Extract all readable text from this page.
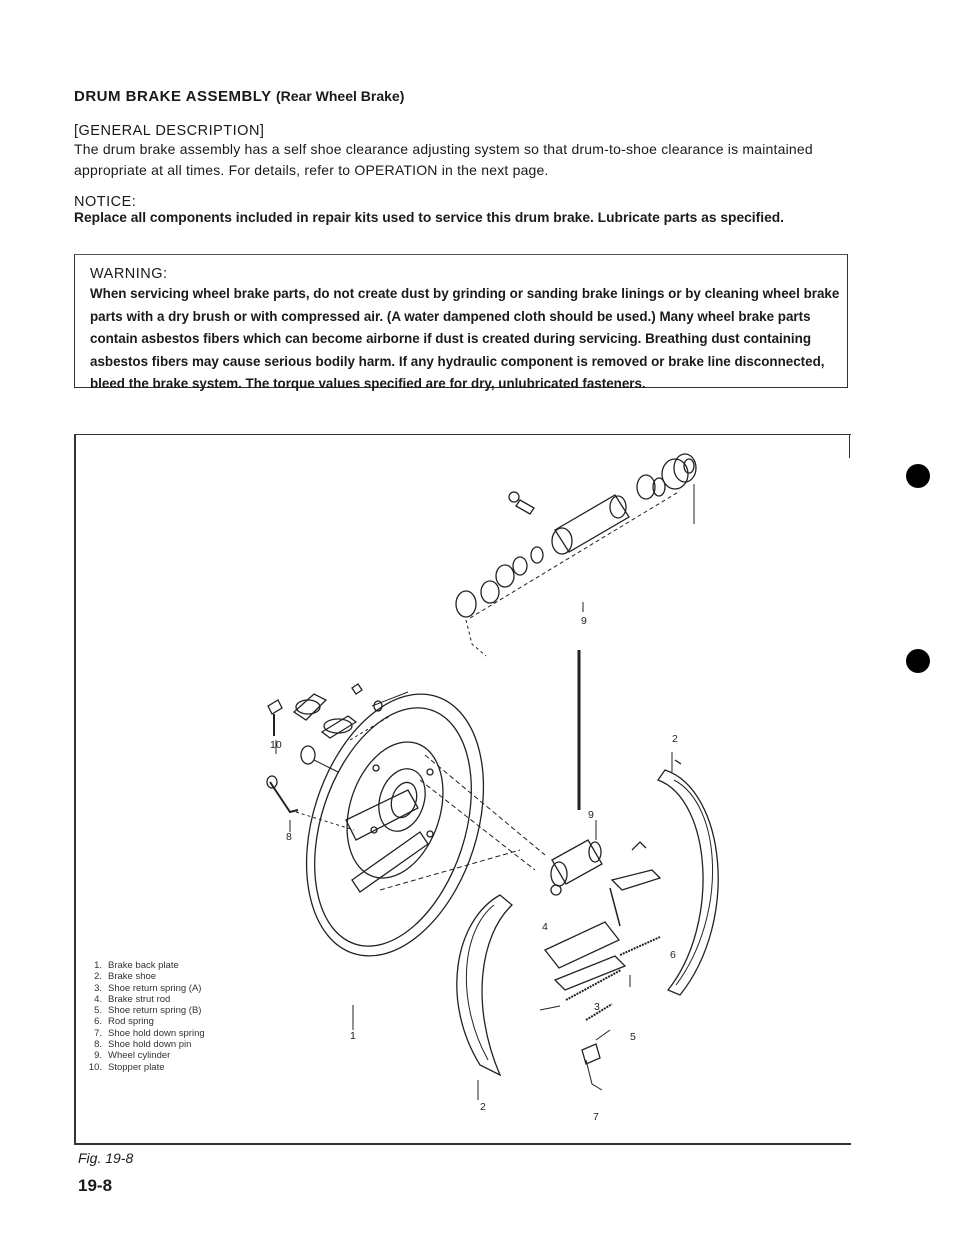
DRUM BRAKE ASSEMBLY (Rear Wheel Brake)
[GENERAL DESCRIPTION]
The drum brake assembly has a self shoe clearance adjusting system so that drum-to-shoe clearance is maintained appropriate at all times. For details, refer to OPERATION in the next page.
NOTICE:
Replace all components included in repair kits used to service this drum brake. Lubricate parts as specified.
WARNING:
When servicing wheel brake parts, do not create dust by grinding or sanding brake linings or by cleaning wheel brake parts with a dry brush or with compressed air. (A water dampened cloth should be used.) Many wheel brake parts contain asbestos fibers which can become airborne if dust is created during servicing. Breathing dust containing asbestos fibers may cause serious bodily harm. If any hydraulic component is removed or brake line disconnected, bleed the brake system. The torque values specified are for dry, unlubricated fasteners.
9
10
8
2
9
4
6
3
5
1
2
7
1. Brake back plate
2. Brake shoe
3. Shoe return spring (A)
4. Brake strut rod
5. Shoe return spring (B)
6. Rod spring
7. Shoe hold down spring
8. Shoe hold down pin
9. Wheel cylinder
10. Stopper plate
Fig. 19-8
19-8
